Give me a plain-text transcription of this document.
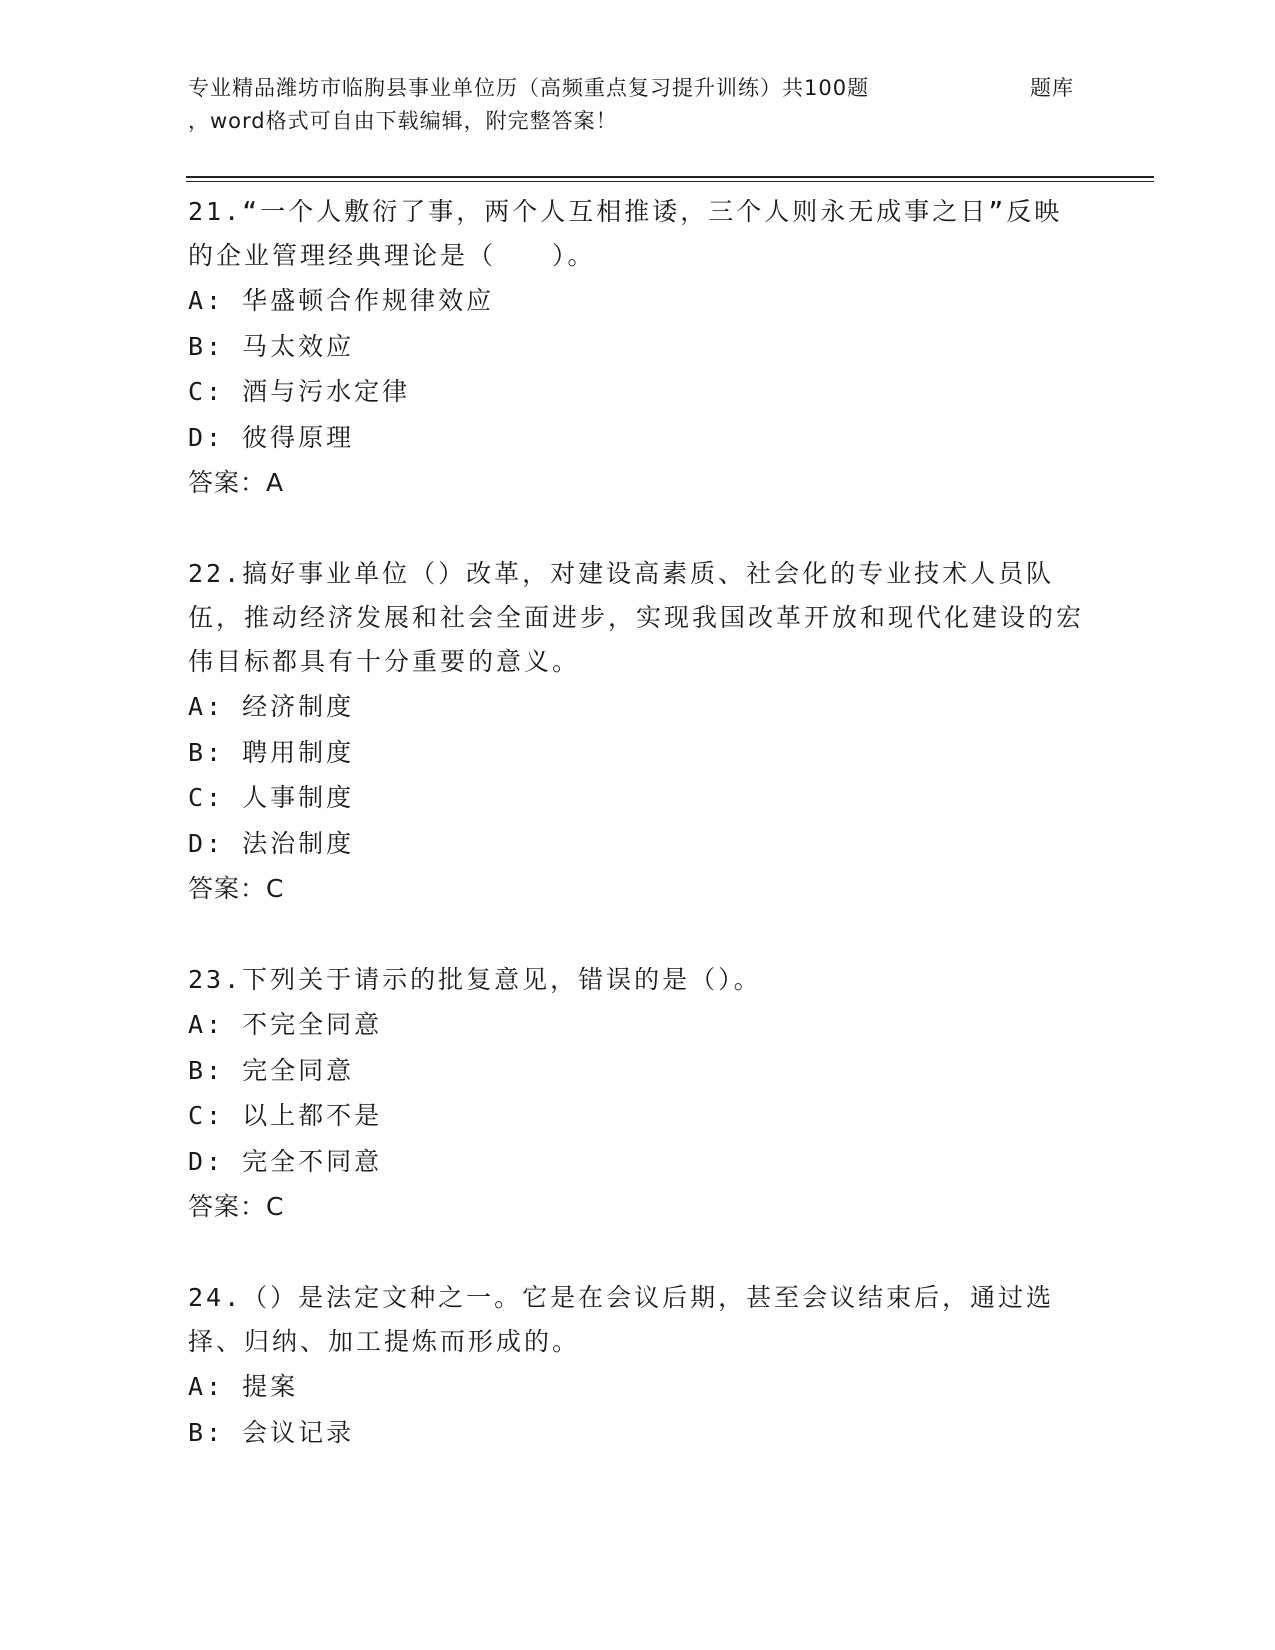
专业精品潍坊市临朐县事业单位历（高频重点复习提升训练）共100题	题库
，word格式可自由下载编辑，附完整答案！

21.“一个人敷衍了事，两个人互相推诿，三个人则永无成事之日”反映的企业管理经典理论是（　　）。

A: 华盛顿合作规律效应

B: 马太效应

C: 酒与污水定律

D: 彼得原理

答案：A

22.搞好事业单位（）改革，对建设高素质、社会化的专业技术人员队伍，推动经济发展和社会全面进步，实现我国改革开放和现代化建设的宏伟目标都具有十分重要的意义。

A: 经济制度

B: 聘用制度

C: 人事制度

D: 法治制度

答案：C

23.下列关于请示的批复意见，错误的是（）。

A: 不完全同意

B: 完全同意

C: 以上都不是

D: 完全不同意

答案：C

24.（）是法定文种之一。它是在会议后期，甚至会议结束后，通过选择、归纳、加工提炼而形成的。

A: 提案

B: 会议记录
